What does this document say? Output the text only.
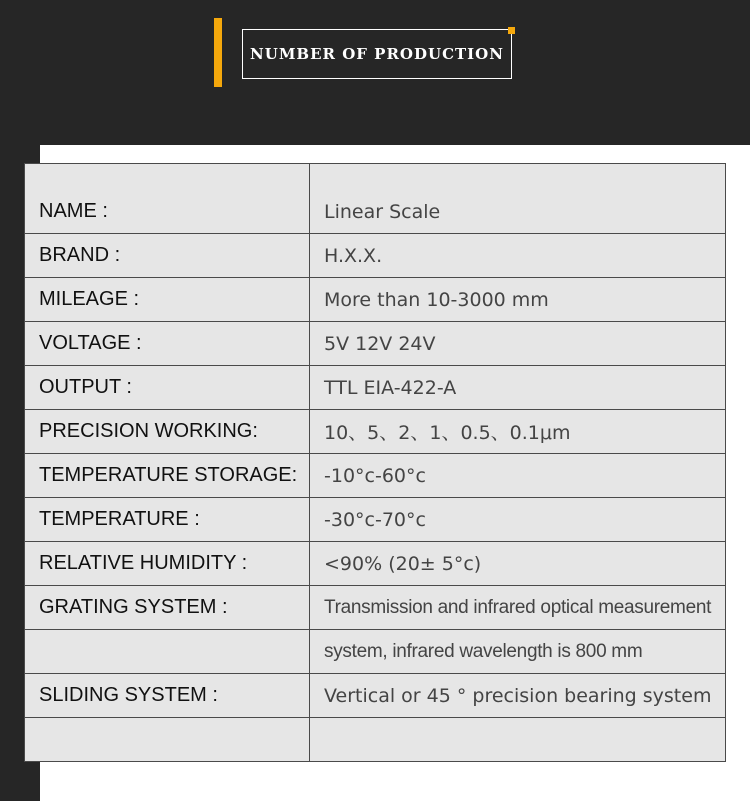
NUMBER OF PRODUCTION
NAME :	Linear Scale
BRAND :	H.X.X.
MILEAGE :	More than 10-3000 mm
VOLTAGE :	5V 12V 24V
OUTPUT :	TTL EIA-422-A
PRECISION WORKING:	10、5、2、1、0.5、0.1μm
TEMPERATURE STORAGE:	-10°c-60°c
TEMPERATURE :	-30°c-70°c
RELATIVE HUMIDITY :	<90% (20± 5°c)
GRATING SYSTEM :	Transmission and infrared optical measurement
	system, infrared wavelength is 800 mm
SLIDING SYSTEM :	Vertical or 45 ° precision bearing system
